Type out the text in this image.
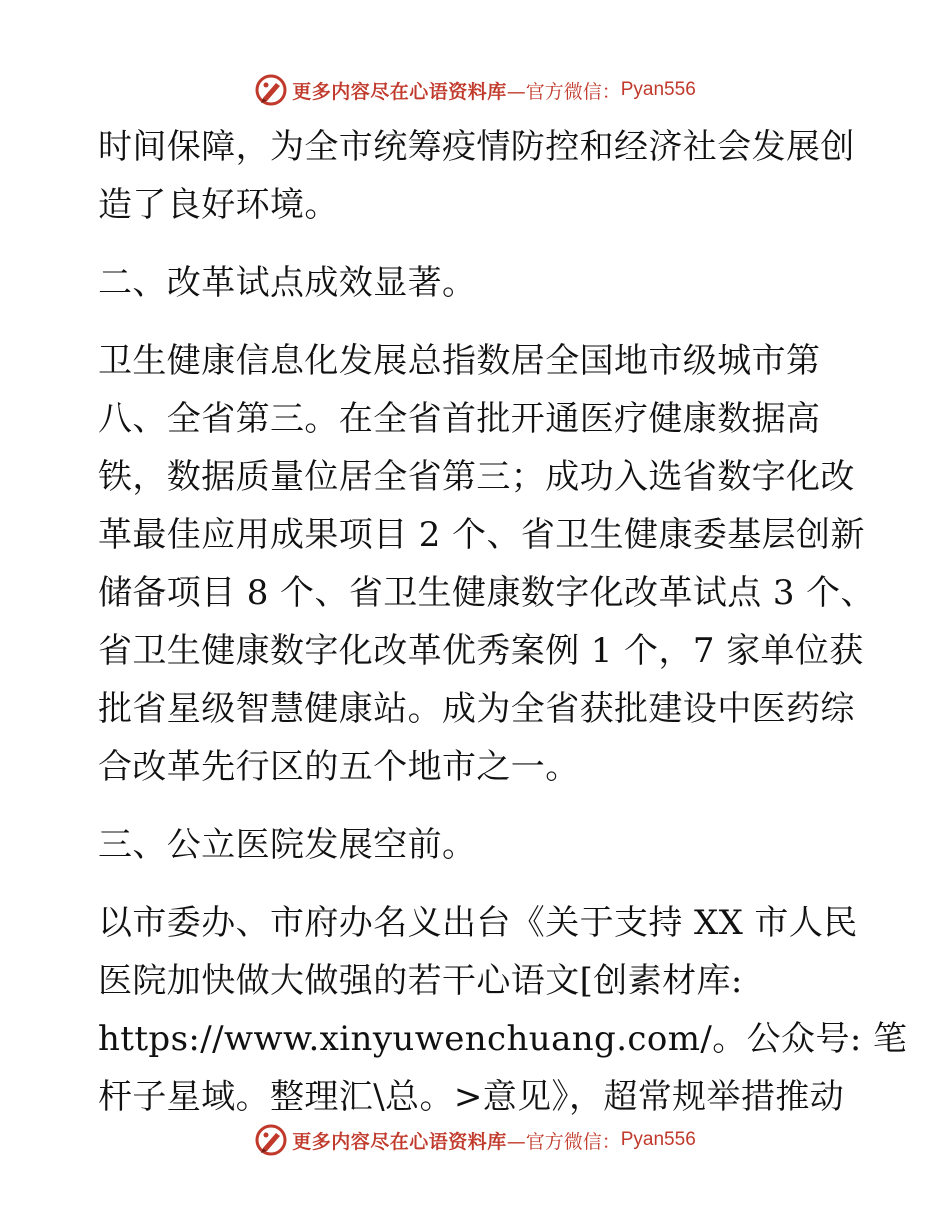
更多内容尽在心语资料库 —官方微信： Pyan556
时间保障，为全市统筹疫情防控和经济社会发展创
造了良好环境。
二、改革试点成效显著。
卫生健康信息化发展总指数居全国地市级城市第
八、全省第三。在全省首批开通医疗健康数据高
铁，数据质量位居全省第三；成功入选省数字化改
革最佳应用成果项目 2 个、省卫生健康委基层创新
储备项目 8 个、省卫生健康数字化改革试点 3 个、
省卫生健康数字化改革优秀案例 1 个，7 家单位获
批省星级智慧健康站。成为全省获批建设中医药综
合改革先行区的五个地市之一。
三、公立医院发展空前。
以市委办、市府办名义出台《关于支持 XX 市人民
医院加快做大做强的若干心语文[创素材库:
https://www.xinyuwenchuang.com/。公众号: 笔
杆子星域。整理汇\总。>意见》，超常规举措推动
更多内容尽在心语资料库 —官方微信： Pyan556
